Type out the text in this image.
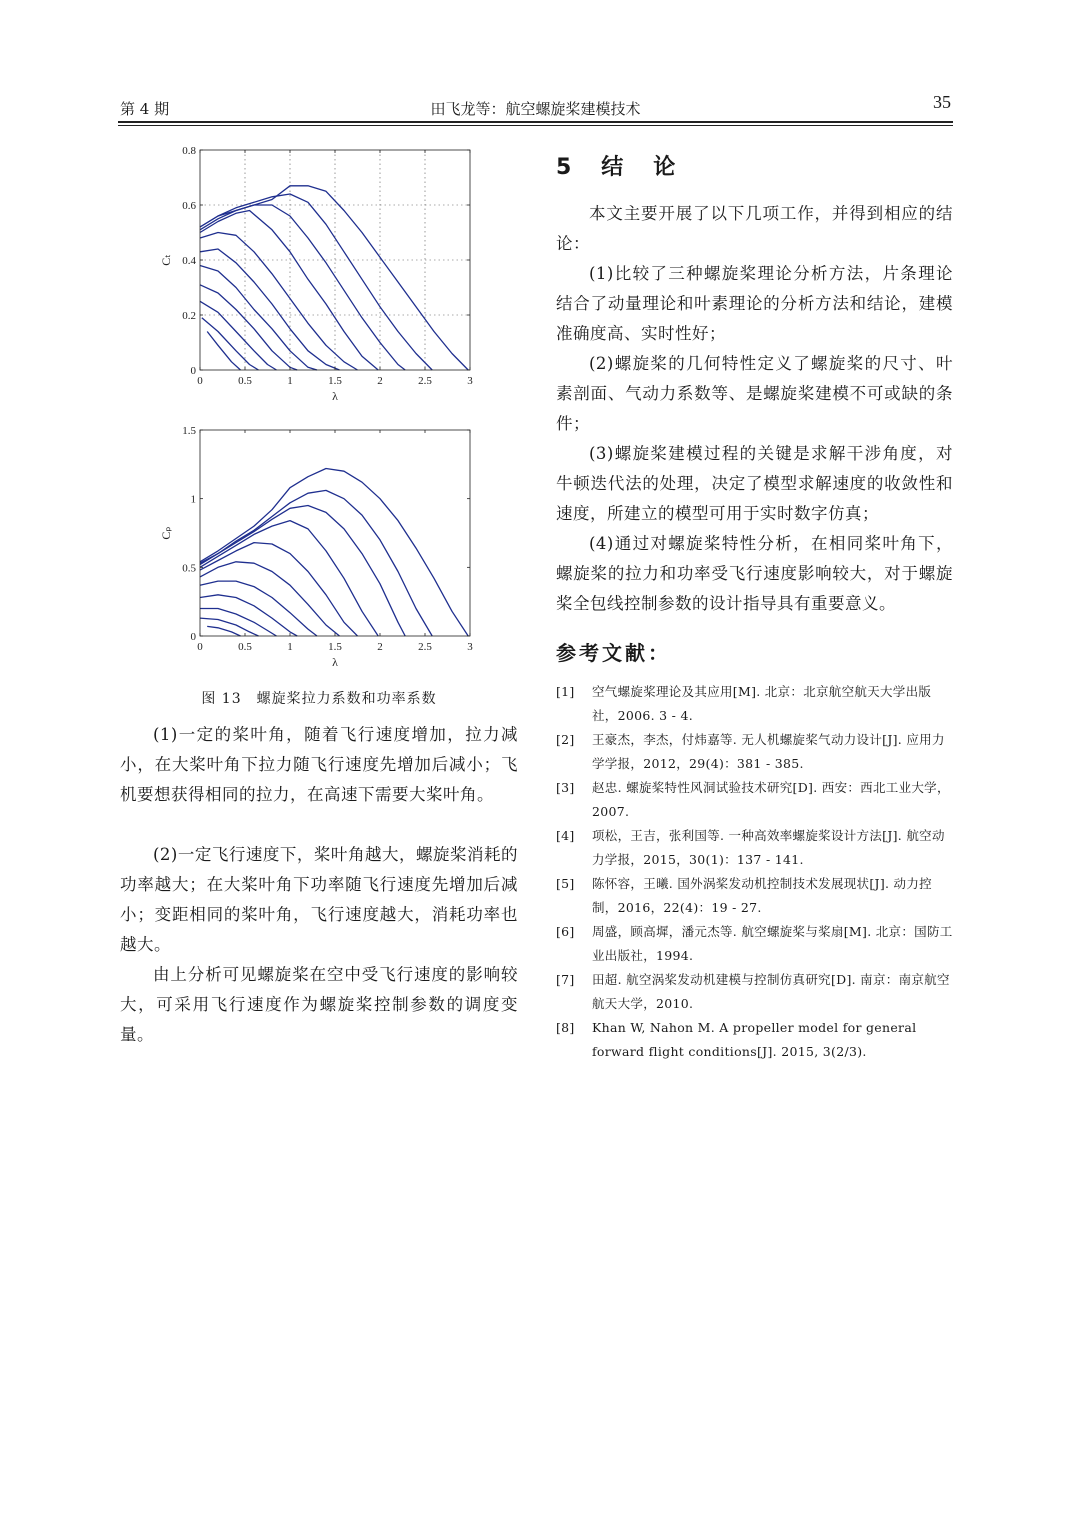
第 4 期	田飞龙等：航空螺旋桨建模技术	35
0	0.5	1	1.5	2	2.5	3
0
0.2
0.4
0.6
0.8
λ
Cₜ
0	0.5	1	1.5	2	2.5	3
0
0.5
1
1.5
λ
Cₚ
图 13　螺旋桨拉力系数和功率系数

(1)一定的桨叶角，随着飞行速度增加，拉力减小，在大桨叶角下拉力随飞行速度先增加后减小；飞机要想获得相同的拉力，在高速下需要大桨叶角。

(2)一定飞行速度下，桨叶角越大，螺旋桨消耗的功率越大；在大桨叶角下功率随飞行速度先增加后减小；变距相同的桨叶角，飞行速度越大，消耗功率也越大。

由上分析可见螺旋桨在空中受飞行速度的影响较大，可采用飞行速度作为螺旋桨控制参数的调度变量。

5　结　论

本文主要开展了以下几项工作，并得到相应的结论：

(1)比较了三种螺旋桨理论分析方法，片条理论结合了动量理论和叶素理论的分析方法和结论，建模准确度高、实时性好；

(2)螺旋桨的几何特性定义了螺旋桨的尺寸、叶素剖面、气动力系数等、是螺旋桨建模不可或缺的条件；

(3)螺旋桨建模过程的关键是求解干涉角度，对牛顿迭代法的处理，决定了模型求解速度的收敛性和速度，所建立的模型可用于实时数字仿真；

(4)通过对螺旋桨特性分析，在相同桨叶角下，螺旋桨的拉力和功率受飞行速度影响较大，对于螺旋桨全包线控制参数的设计指导具有重要意义。

参考文献：
[1] 空气螺旋桨理论及其应用[M]. 北京：北京航空航天大学出版社，2006. 3 - 4.
[2] 王豪杰，李杰，付炜嘉等. 无人机螺旋桨气动力设计[J]. 应用力学学报，2012，29(4)：381 - 385.
[3] 赵忠. 螺旋桨特性风洞试验技术研究[D]. 西安：西北工业大学，2007.
[4] 项松，王吉，张利国等. 一种高效率螺旋桨设计方法[J]. 航空动力学报，2015，30(1)：137 - 141.
[5] 陈怀容，王曦. 国外涡桨发动机控制技术发展现状[J]. 动力控制，2016，22(4)：19 - 27.
[6] 周盛，顾高墀，潘元杰等. 航空螺旋桨与桨扇[M]. 北京：国防工业出版社，1994.
[7] 田超. 航空涡桨发动机建模与控制仿真研究[D]. 南京：南京航空航天大学，2010.
[8] Khan W, Nahon M. A propeller model for general forward flight conditions[J]. 2015, 3(2/3).
